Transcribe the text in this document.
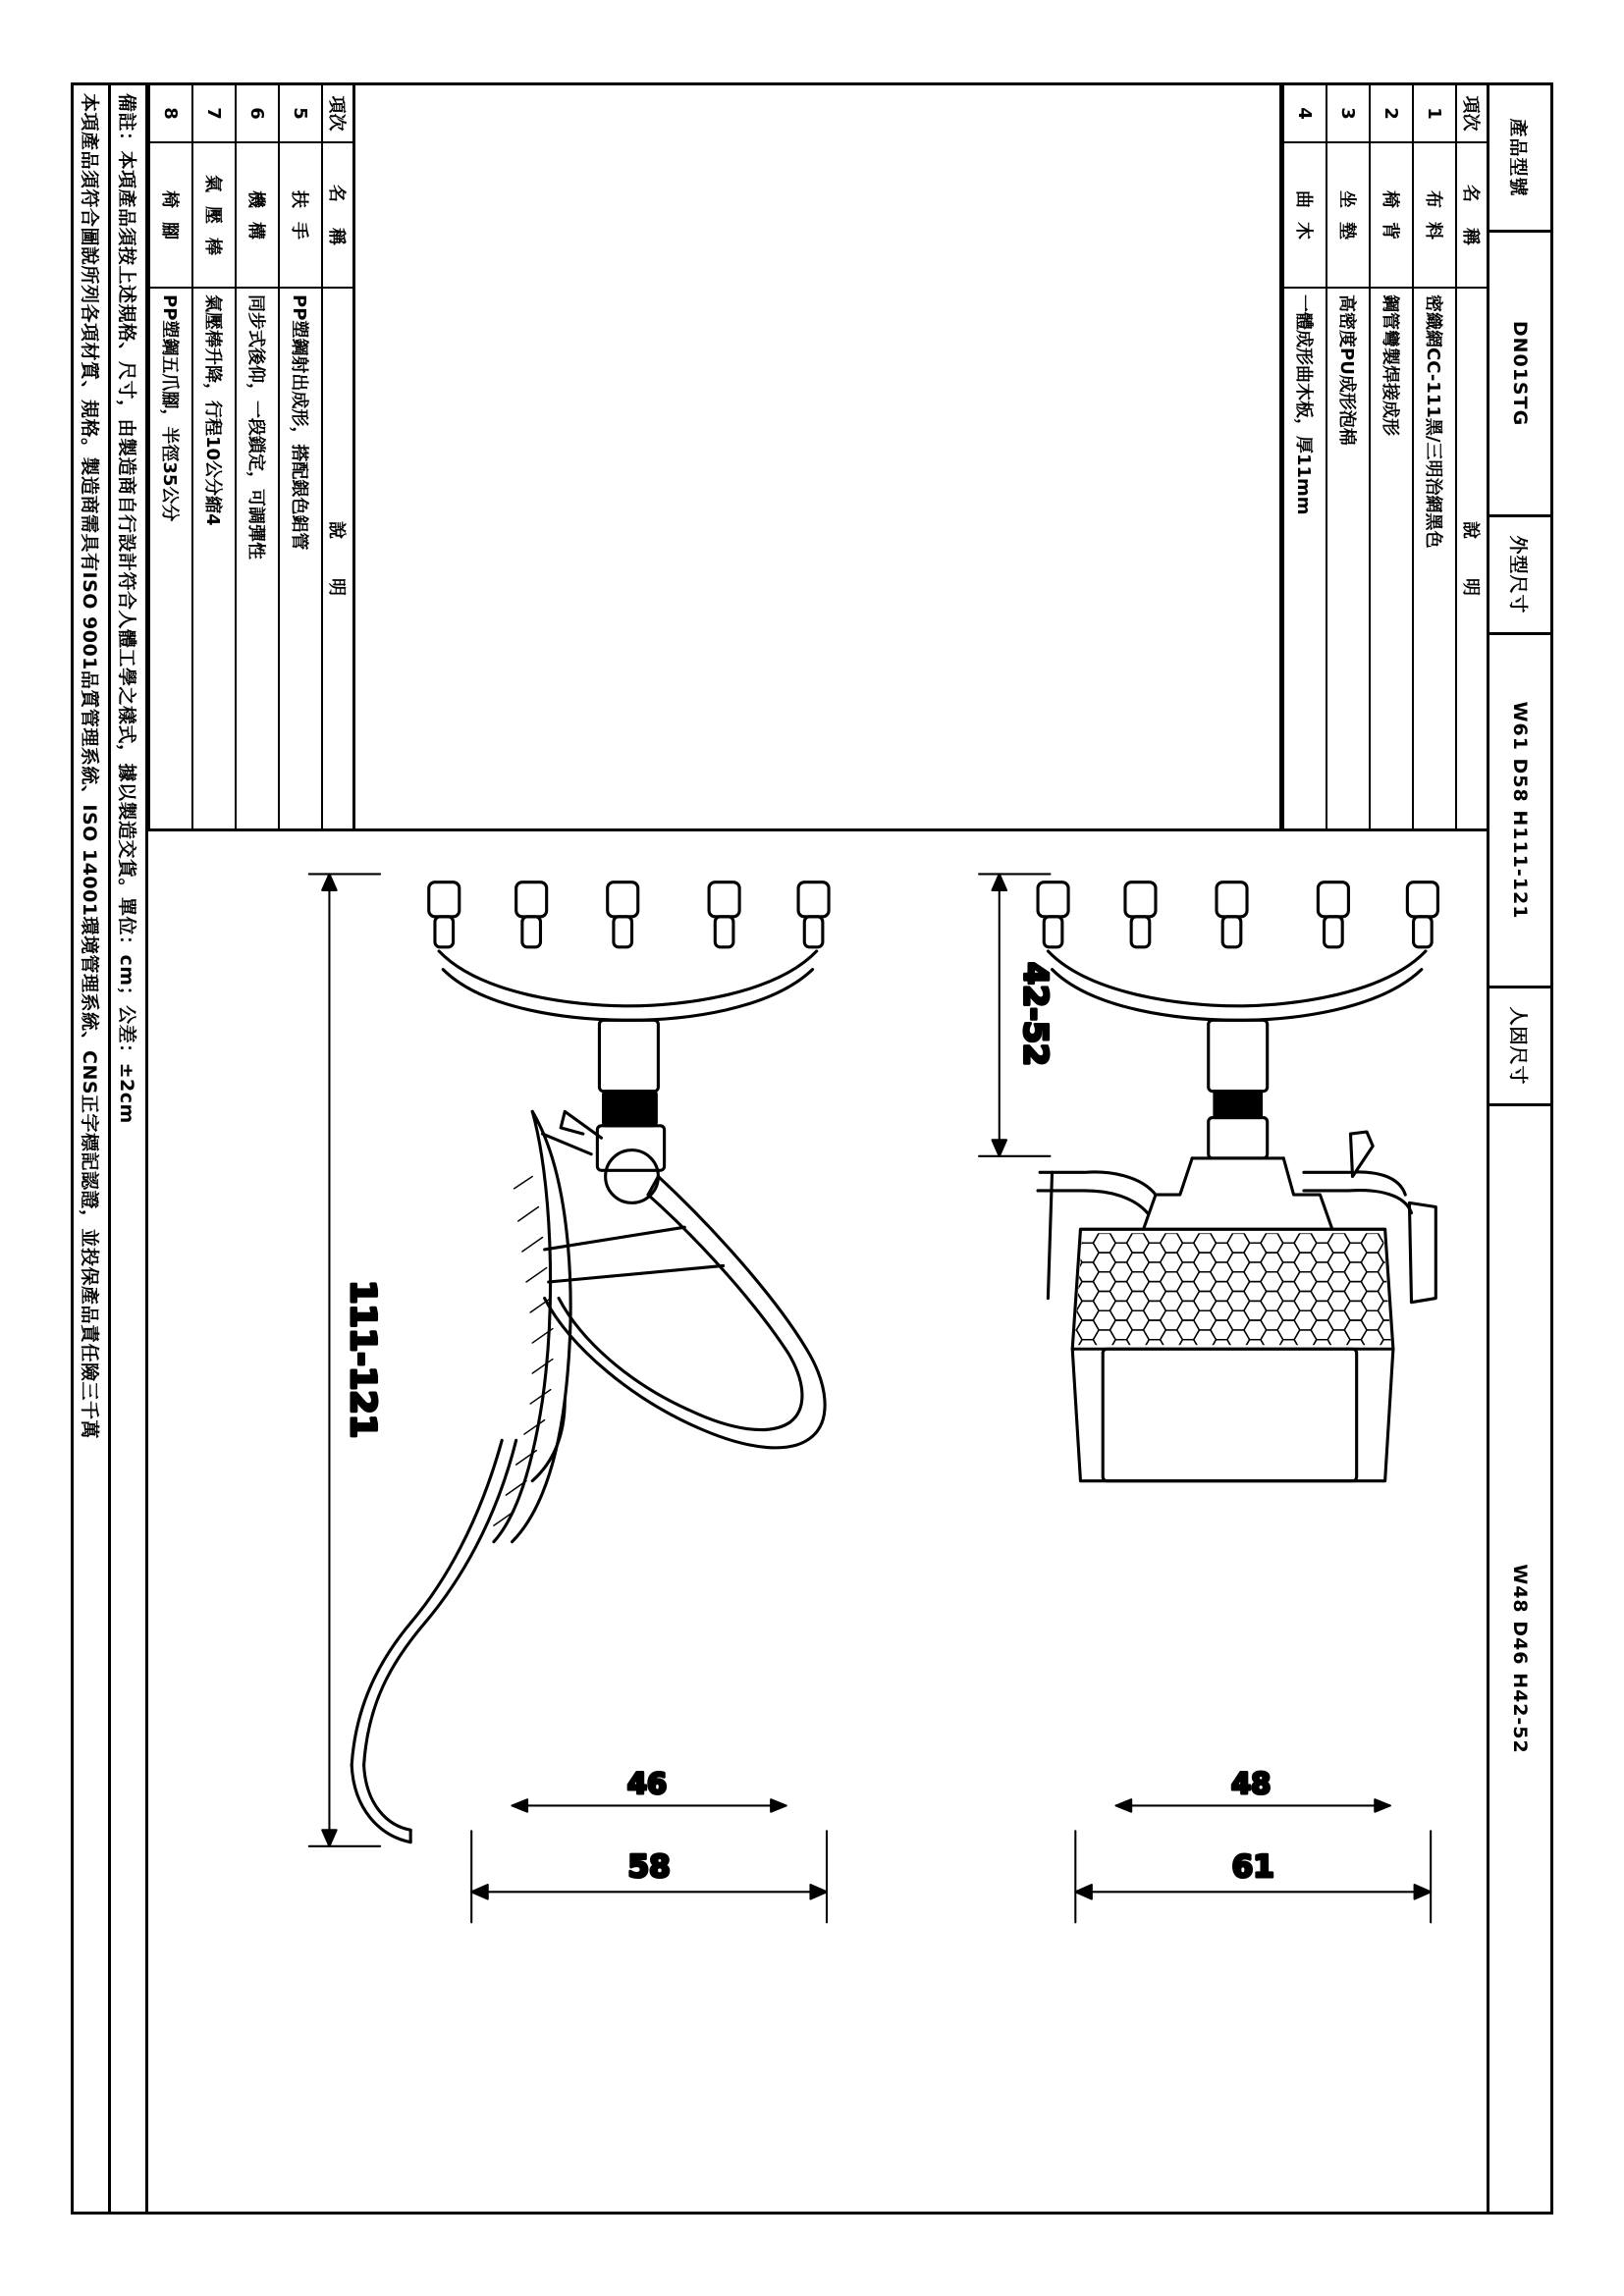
產品型號
DN01STG
外型尺寸
W61 D58 H111-121
人因尺寸
W48 D46 H42-52
項次	名稱	說明
1	布料	密織網CC-111黑/三明治網黑色
2	椅背	鋼管彎製焊接成形
3	坐墊	高密度PU成形泡棉
4	曲木	一體成形曲木板，厚11mm
項次	名稱	說明
5	扶手	PP塑鋼射出成形，搭配銀色鋁管
6	機構	同步式後仰，一段鎖定，可調彈性
7	氣壓棒	氣壓棒升降，行程10公分縮4
8	椅腳	PP塑鋼五爪腳，半徑35公分
61
48
42-52
58
46
111-121
備註：本項產品須按上述規格、尺寸，由製造商自行設計符合人體工學之樣式，據以製造交貨。單位：cm；公差：±2cm
本項產品須符合圖說所列各項材質、規格。製造商需具有ISO 9001品質管理系統、ISO 14001環境管理系統、CNS正字標記認證，並投保產品責任險三千萬
